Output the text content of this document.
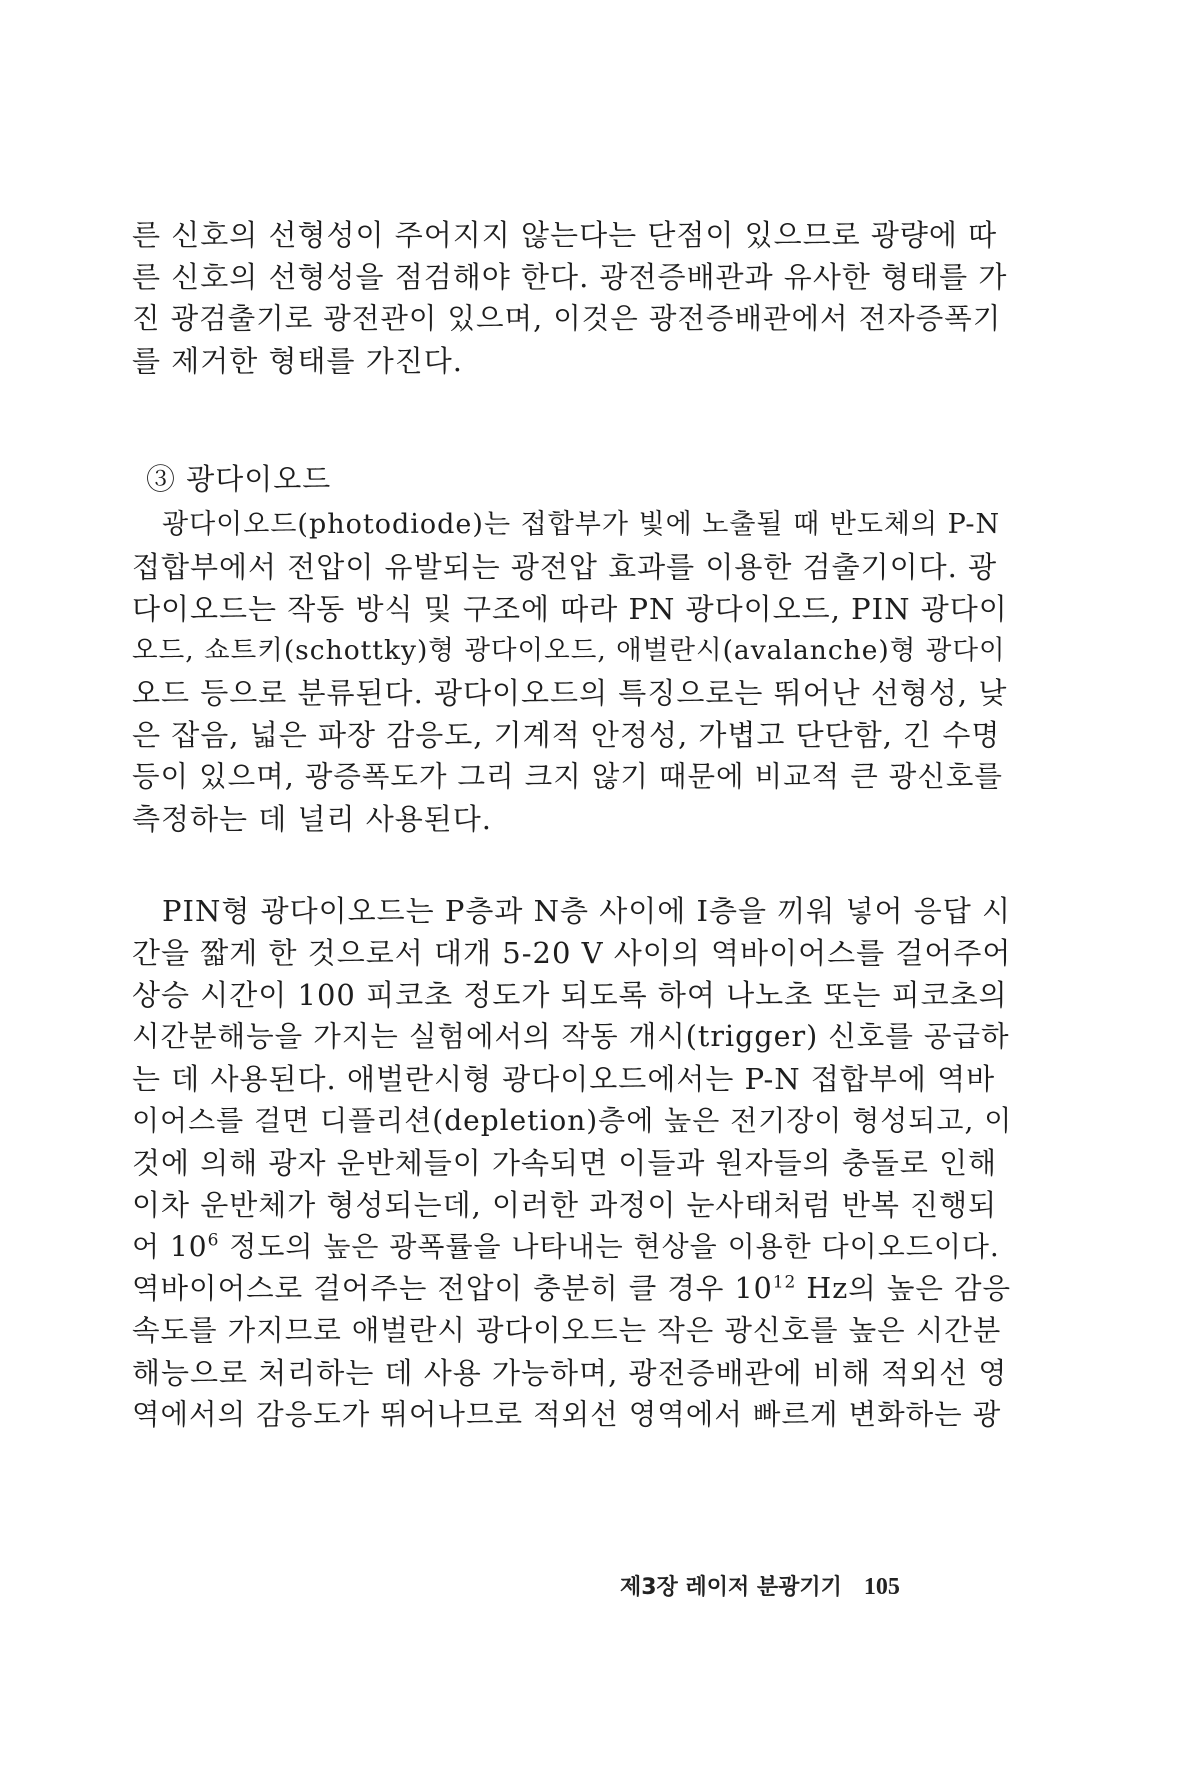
른 신호의 선형성이 주어지지 않는다는 단점이 있으므로 광량에 따
른 신호의 선형성을 점검해야 한다. 광전증배관과 유사한 형태를 가
진 광검출기로 광전관이 있으며, 이것은 광전증배관에서 전자증폭기
를 제거한 형태를 가진다.
③ 광다이오드
광다이오드(photodiode)는 접합부가 빛에 노출될 때 반도체의 P-N
접합부에서 전압이 유발되는 광전압 효과를 이용한 검출기이다. 광
다이오드는 작동 방식 및 구조에 따라 PN 광다이오드, PIN 광다이
오드, 쇼트키(schottky)형 광다이오드, 애벌란시(avalanche)형 광다이
오드 등으로 분류된다. 광다이오드의 특징으로는 뛰어난 선형성, 낮
은 잡음, 넓은 파장 감응도, 기계적 안정성, 가볍고 단단함, 긴 수명
등이 있으며, 광증폭도가 그리 크지 않기 때문에 비교적 큰 광신호를
측정하는 데 널리 사용된다.
PIN형 광다이오드는 P층과 N층 사이에 I층을 끼워 넣어 응답 시
간을 짧게 한 것으로서 대개 5-20 V 사이의 역바이어스를 걸어주어
상승 시간이 100 피코초 정도가 되도록 하여 나노초 또는 피코초의
시간분해능을 가지는 실험에서의 작동 개시(trigger) 신호를 공급하
는 데 사용된다. 애벌란시형 광다이오드에서는 P-N 접합부에 역바
이어스를 걸면 디플리션(depletion)층에 높은 전기장이 형성되고, 이
것에 의해 광자 운반체들이 가속되면 이들과 원자들의 충돌로 인해
이차 운반체가 형성되는데, 이러한 과정이 눈사태처럼 반복 진행되
어 $10^6$ 정도의 높은 광폭률을 나타내는 현상을 이용한 다이오드이다.
역바이어스로 걸어주는 전압이 충분히 클 경우 $10^{12}$ Hz의 높은 감응
속도를 가지므로 애벌란시 광다이오드는 작은 광신호를 높은 시간분
해능으로 처리하는 데 사용 가능하며, 광전증배관에 비해 적외선 영
역에서의 감응도가 뛰어나므로 적외선 영역에서 빠르게 변화하는 광
제3장 레이저 분광기기 105
